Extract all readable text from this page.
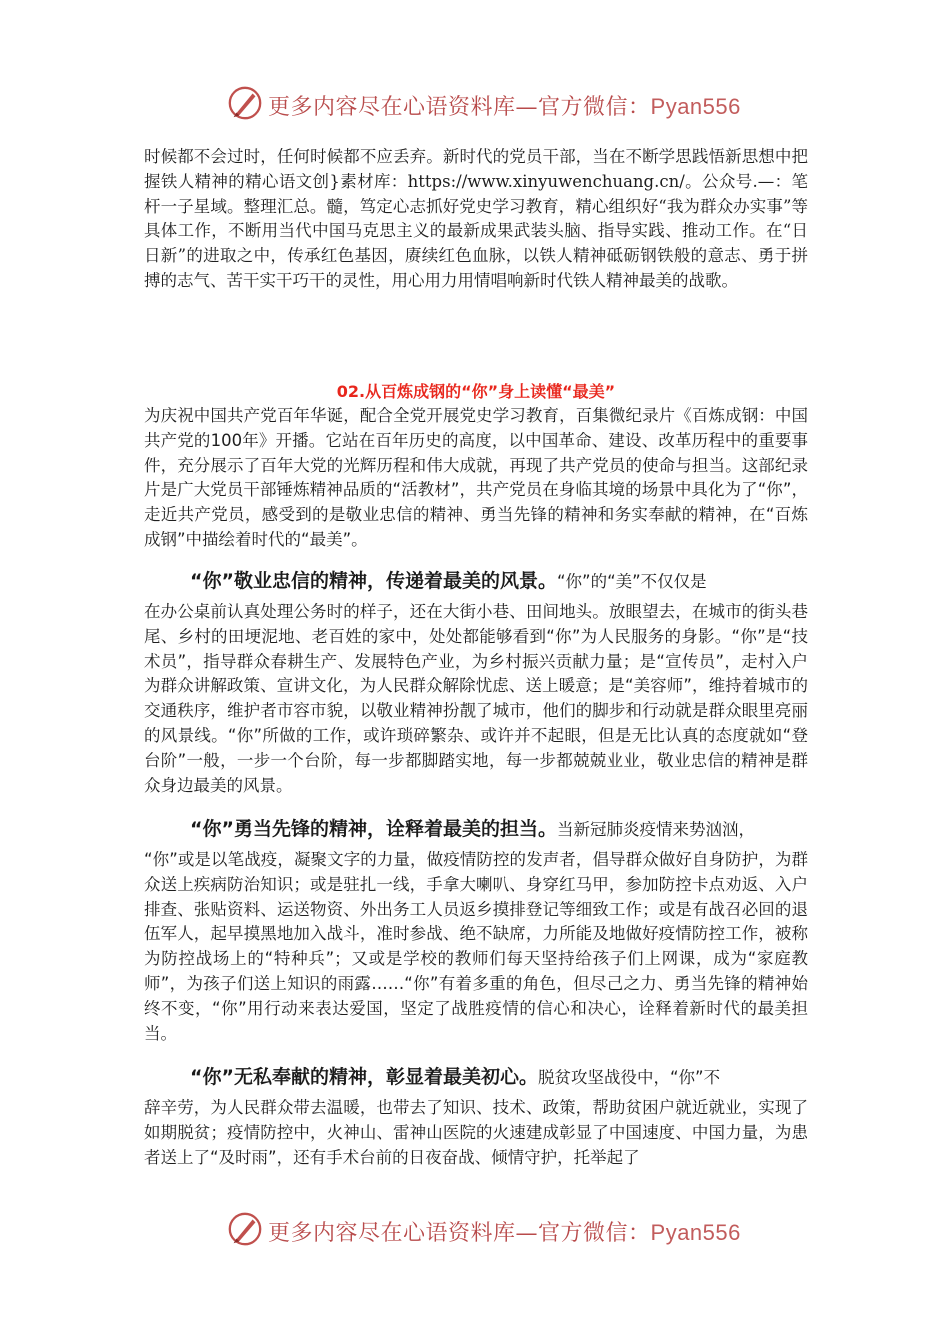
更多内容尽在心语资料库—官方微信：Pyan556
时候都不会过时，任何时候都不应丢弃。新时代的党员干部，当在不断学思践悟新思想中把握铁人精神的精心语文创}素材库：https://www.xinyuwenchuang.cn/。公众号.—：笔杆一子星域。整理汇总。髓，笃定心志抓好党史学习教育，精心组织好“我为群众办实事”等具体工作，不断用当代中国马克思主义的最新成果武装头脑、指导实践、推动工作。在“日日新”的进取之中，传承红色基因，赓续红色血脉，以铁人精神砥砺钢铁般的意志、勇于拼搏的志气、苦干实干巧干的灵性，用心用力用情唱响新时代铁人精神最美的战歌。
02.从百炼成钢的“你”身上读懂“最美”
为庆祝中国共产党百年华诞，配合全党开展党史学习教育，百集微纪录片《百炼成钢：中国共产党的100年》开播。它站在百年历史的高度，以中国革命、建设、改革历程中的重要事件，充分展示了百年大党的光辉历程和伟大成就，再现了共产党员的使命与担当。这部纪录片是广大党员干部锤炼精神品质的“活教材”，共产党员在身临其境的场景中具化为了“你”，走近共产党员，感受到的是敬业忠信的精神、勇当先锋的精神和务实奉献的精神，在“百炼成钢”中描绘着时代的“最美”。
“你”敬业忠信的精神，传递着最美的风景。“你”的“美”不仅仅是
在办公桌前认真处理公务时的样子，还在大街小巷、田间地头。放眼望去，在城市的街头巷尾、乡村的田埂泥地、老百姓的家中，处处都能够看到“你”为人民服务的身影。“你”是“技术员”，指导群众春耕生产、发展特色产业，为乡村振兴贡献力量；是“宣传员”，走村入户为群众讲解政策、宣讲文化，为人民群众解除忧虑、送上暖意；是“美容师”，维持着城市的交通秩序，维护者市容市貌，以敬业精神扮靓了城市，他们的脚步和行动就是群众眼里亮丽的风景线。“你”所做的工作，或许琐碎繁杂、或许并不起眼，但是无比认真的态度就如“登台阶”一般，一步一个台阶，每一步都脚踏实地，每一步都兢兢业业，敬业忠信的精神是群众身边最美的风景。
“你”勇当先锋的精神，诠释着最美的担当。当新冠肺炎疫情来势汹汹，
“你”或是以笔战疫，凝聚文字的力量，做疫情防控的发声者，倡导群众做好自身防护，为群众送上疾病防治知识；或是驻扎一线，手拿大喇叭、身穿红马甲，参加防控卡点劝返、入户排查、张贴资料、运送物资、外出务工人员返乡摸排登记等细致工作；或是有战召必回的退伍军人，起早摸黑地加入战斗，准时参战、绝不缺席，力所能及地做好疫情防控工作，被称为防控战场上的“特种兵”；又或是学校的教师们每天坚持给孩子们上网课，成为“家庭教师”，为孩子们送上知识的雨露……“你”有着多重的角色，但尽己之力、勇当先锋的精神始终不变，“你”用行动来表达爱国，坚定了战胜疫情的信心和决心，诠释着新时代的最美担当。
“你”无私奉献的精神，彰显着最美初心。脱贫攻坚战役中，“你”不
辞辛劳，为人民群众带去温暖，也带去了知识、技术、政策，帮助贫困户就近就业，实现了如期脱贫；疫情防控中，火神山、雷神山医院的火速建成彰显了中国速度、中国力量，为患者送上了“及时雨”，还有手术台前的日夜奋战、倾情守护，托举起了
更多内容尽在心语资料库—官方微信：Pyan556
